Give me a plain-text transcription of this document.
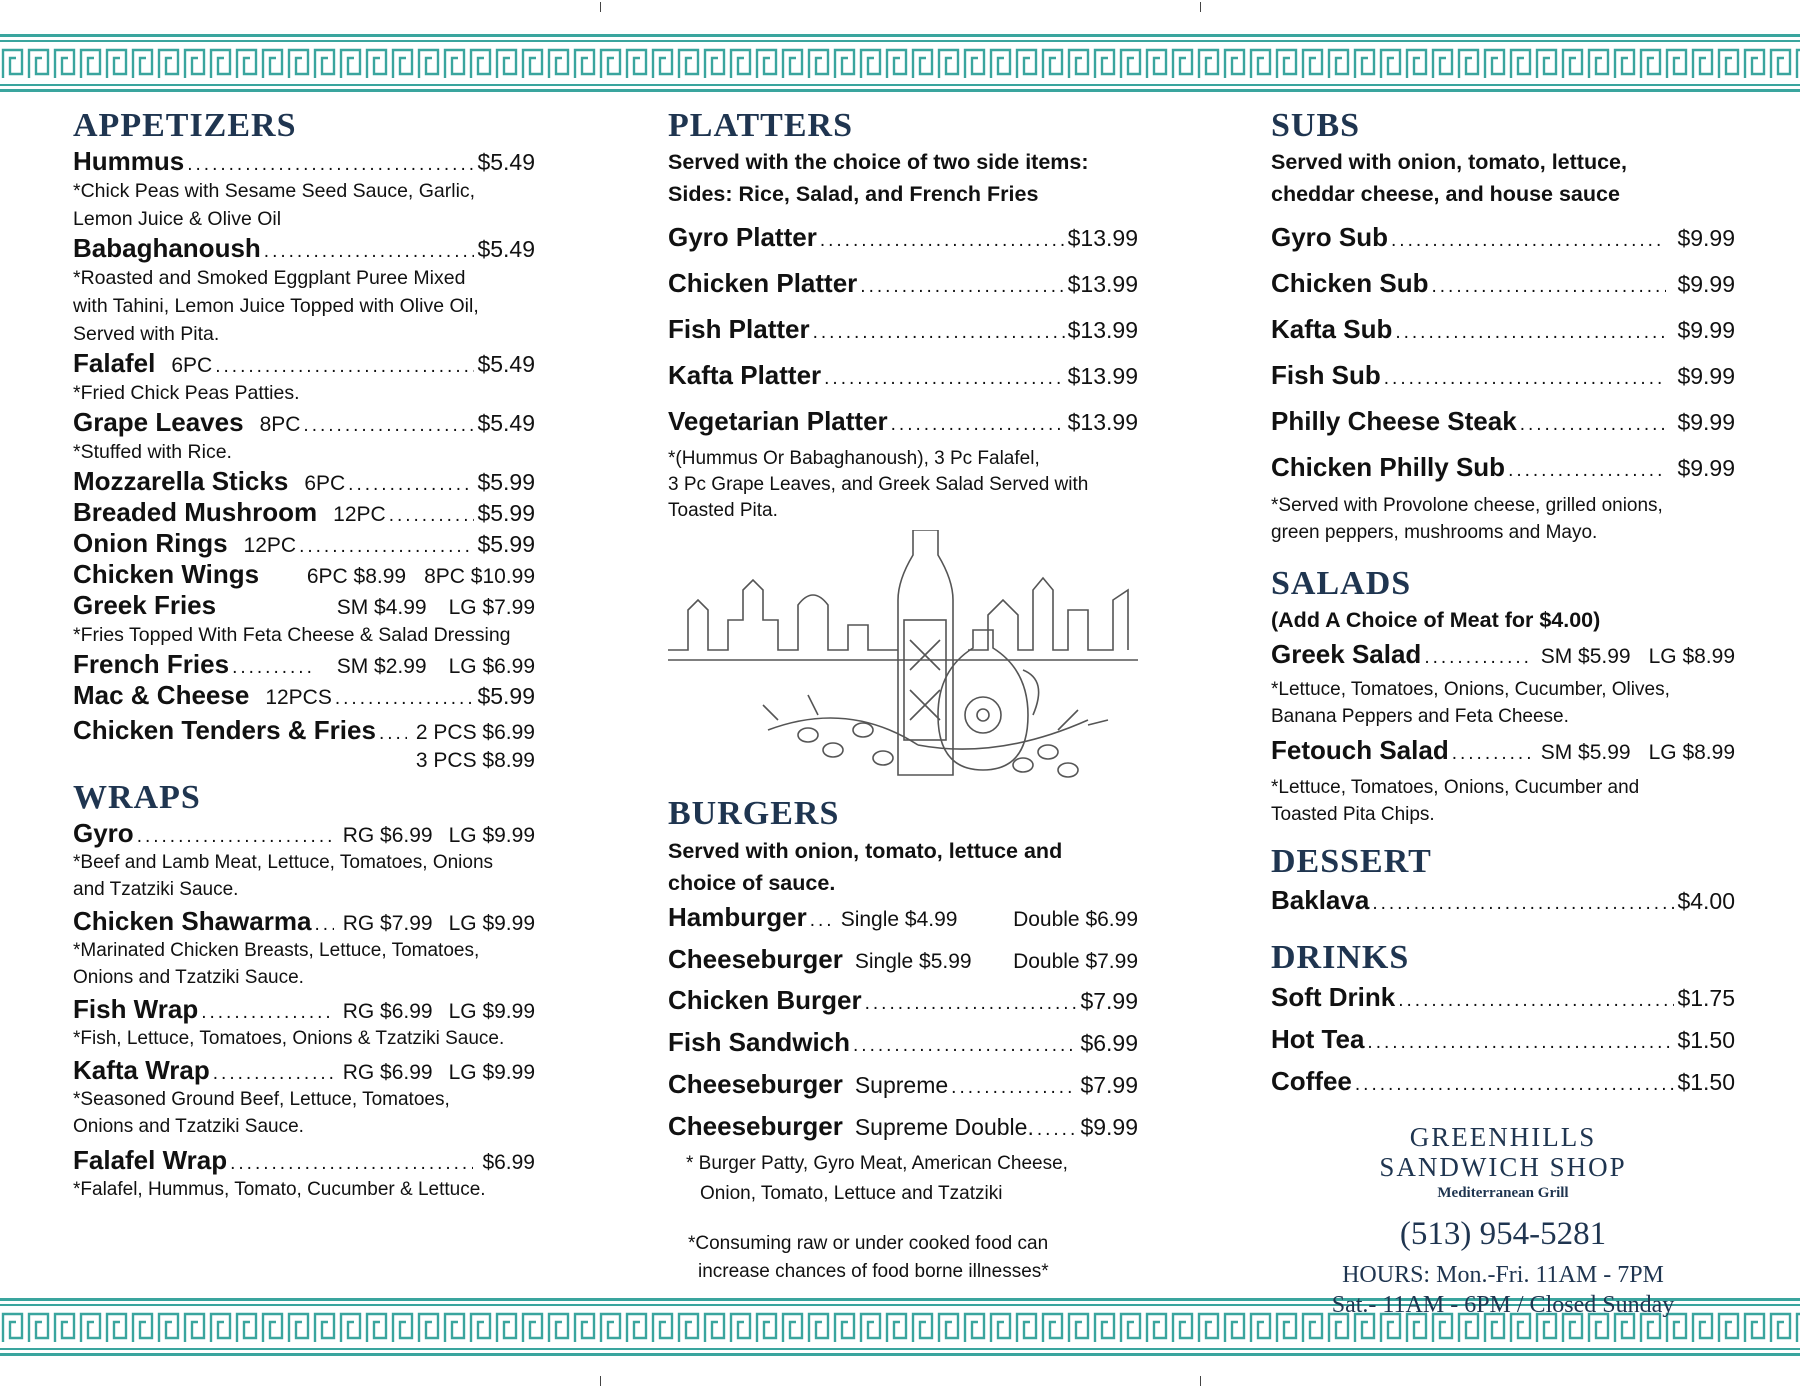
APPETIZERS
Hummus .....	$5.49
*Chick Peas with Sesame Seed Sauce, Garlic,
Lemon Juice & Olive Oil
Babaghanoush .....	$5.49
*Roasted and Smoked Eggplant Puree Mixed
with Tahini, Lemon Juice Topped with Olive Oil,
Served with Pita.
Falafel 6PC .....	$5.49
*Fried Chick Peas Patties.
Grape Leaves 8PC .....	$5.49
*Stuffed with Rice.
Mozzarella Sticks 6PC .....	$5.99
Breaded Mushroom 12PC .....	$5.99
Onion Rings 12PC .....	$5.99
Chicken Wings 6PC $8.99 8PC $10.99
Greek Fries	SM $4.99 LG $7.99
*Fries Topped With Feta Cheese & Salad Dressing
French Fries .....	SM $2.99 LG $6.99
Mac & Cheese 12PCS .....	$5.99
Chicken Tenders & Fries ..... 2 PCS $6.99
3 PCS $8.99
WRAPS
Gyro .....	RG $6.99 LG $9.99
*Beef and Lamb Meat, Lettuce, Tomatoes, Onions
and Tzatziki Sauce.
Chicken Shawarma ..... RG $7.99 LG $9.99
*Marinated Chicken Breasts, Lettuce, Tomatoes,
Onions and Tzatziki Sauce.
Fish Wrap .....	RG $6.99 LG $9.99
*Fish, Lettuce, Tomatoes, Onions & Tzatziki Sauce.
Kafta Wrap .....	RG $6.99 LG $9.99
*Seasoned Ground Beef, Lettuce, Tomatoes,
Onions and Tzatziki Sauce.
Falafel Wrap .....	$6.99
*Falafel, Hummus, Tomato, Cucumber & Lettuce.
PLATTERS
Served with the choice of two side items:
Sides: Rice, Salad, and French Fries
Gyro Platter .....	$13.99
Chicken Platter .....	$13.99
Fish Platter .....	$13.99
Kafta Platter .....	$13.99
Vegetarian Platter .....	$13.99
*(Hummus Or Babaghanoush), 3 Pc Falafel,
3 Pc Grape Leaves, and Greek Salad Served with
Toasted Pita.
BURGERS
Served with onion, tomato, lettuce and
choice of sauce.
Hamburger ..... Single $4.99	Double $6.99
Cheeseburger Single $5.99 Double $7.99
Chicken Burger .....	$7.99
Fish Sandwich .....	$6.99
Cheeseburger Supreme .....	$7.99
Cheeseburger Supreme Double. ..... $9.99
* Burger Patty, Gyro Meat, American Cheese,
Onion, Tomato, Lettuce and Tzatziki
*Consuming raw or under cooked food can
increase chances of food borne illnesses*
SUBS
Served with onion, tomato, lettuce,
cheddar cheese, and house sauce
Gyro Sub .....	$9.99
Chicken Sub .....	$9.99
Kafta Sub .....	$9.99
Fish Sub .....	$9.99
Philly Cheese Steak .....	$9.99
Chicken Philly Sub .....	$9.99
*Served with Provolone cheese, grilled onions,
green peppers, mushrooms and Mayo.
SALADS
(Add A Choice of Meat for $4.00)
Greek Salad .....	SM $5.99 LG $8.99
*Lettuce, Tomatoes, Onions, Cucumber, Olives,
Banana Peppers and Feta Cheese.
Fetouch Salad .....	SM $5.99 LG $8.99
*Lettuce, Tomatoes, Onions, Cucumber and
Toasted Pita Chips.
DESSERT
Baklava .....	$4.00
DRINKS
Soft Drink .....	$1.75
Hot Tea .....	$1.50
Coffee .....	$1.50
GREENHILLS
SANDWICH SHOP
Mediterranean Grill
(513) 954-5281
HOURS: Mon.-Fri. 11AM - 7PM
Sat.- 11AM - 6PM / Closed Sunday
